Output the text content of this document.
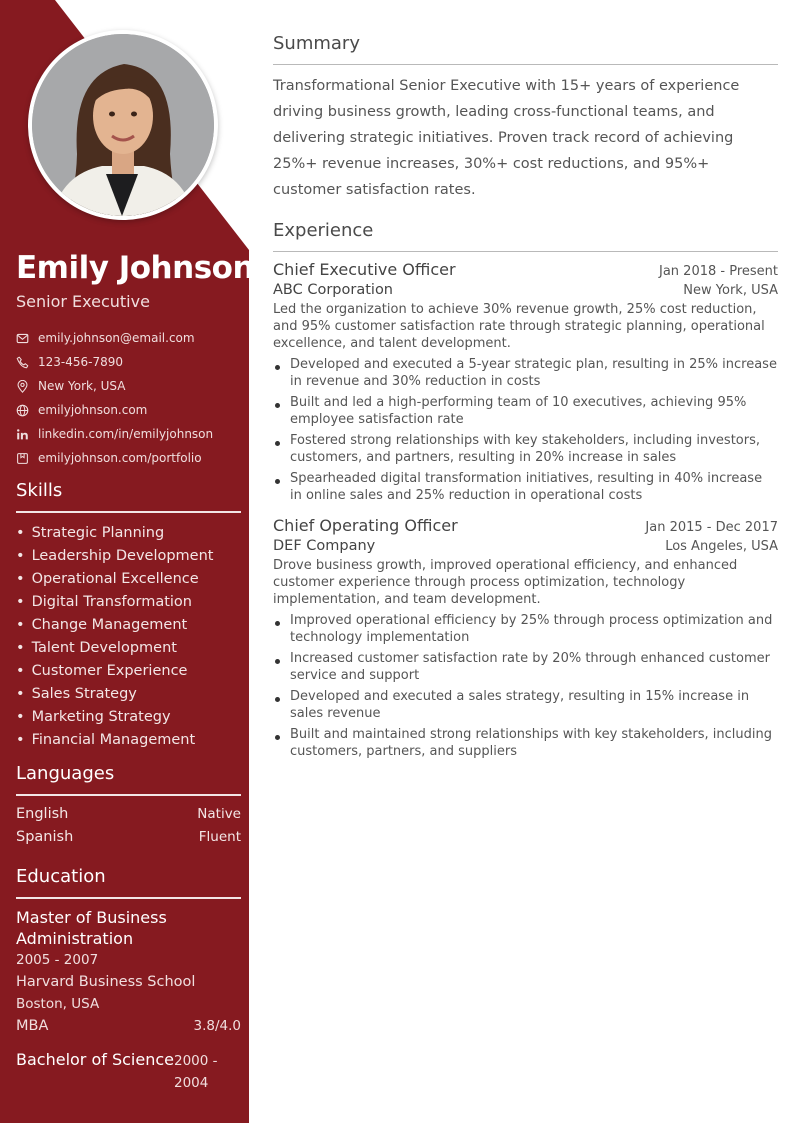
Emily Johnson
Senior Executive
emily.johnson@email.com
123-456-7890
New York, USA
emilyjohnson.com
linkedin.com/in/emilyjohnson
emilyjohnson.com/portfolio
Skills
• Strategic Planning
• Leadership Development
• Operational Excellence
• Digital Transformation
• Change Management
• Talent Development
• Customer Experience
• Sales Strategy
• Marketing Strategy
• Financial Management
Languages
English	Native
Spanish	Fluent
Education
Master of Business Administration
2005 - 2007
Harvard Business School
Boston, USA
MBA	3.8/4.0
Bachelor of Science 2000 - 2004
Summary

Transformational Senior Executive with 15+ years of experience driving business growth, leading cross-functional teams, and delivering strategic initiatives. Proven track record of achieving 25%+ revenue increases, 30%+ cost reductions, and 95%+ customer satisfaction rates.

Experience
Chief Executive Officer	Jan 2018 - Present
ABC Corporation	New York, USA

Led the organization to achieve 30% revenue growth, 25% cost reduction, and 95% customer satisfaction rate through strategic planning, operational excellence, and talent development.

Developed and executed a 5-year strategic plan, resulting in 25% increase in revenue and 30% reduction in costs
Built and led a high-performing team of 10 executives, achieving 95% employee satisfaction rate
Fostered strong relationships with key stakeholders, including investors, customers, and partners, resulting in 20% increase in sales
Spearheaded digital transformation initiatives, resulting in 40% increase in online sales and 25% reduction in operational costs
Chief Operating Officer	Jan 2015 - Dec 2017
DEF Company	Los Angeles, USA

Drove business growth, improved operational efficiency, and enhanced customer experience through process optimization, technology implementation, and team development.

Improved operational efficiency by 25% through process optimization and technology implementation
Increased customer satisfaction rate by 20% through enhanced customer service and support
Developed and executed a sales strategy, resulting in 15% increase in sales revenue
Built and maintained strong relationships with key stakeholders, including customers, partners, and suppliers
